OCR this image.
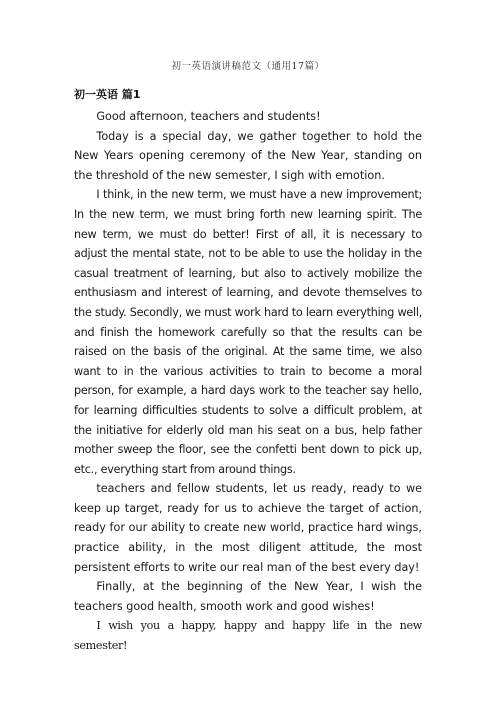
初一英语演讲稿范文（通用17篇）
初一英语 篇1

Good afternoon, teachers and students!

Today is a special day, we gather together to hold the New Years opening ceremony of the New Year, standing on the threshold of the new semester, I sigh with emotion.

I think, in the new term, we must have a new improvement; In the new term, we must bring forth new learning spirit. The new term, we must do better! First of all, it is necessary to adjust the mental state, not to be able to use the holiday in the casual treatment of learning, but also to actively mobilize the enthusiasm and interest of learning, and devote themselves to the study. Secondly, we must work hard to learn everything well, and finish the homework carefully so that the results can be raised on the basis of the original. At the same time, we also want to in the various activities to train to become a moral person, for example, a hard days work to the teacher say hello, for learning difficulties students to solve a difficult problem, at the initiative for elderly old man his seat on a bus, help father mother sweep the floor, see the confetti bent down to pick up, etc., everything start from around things.

teachers and fellow students, let us ready, ready to we keep up target, ready for us to achieve the target of action, ready for our ability to create new world, practice hard wings, practice ability, in the most diligent attitude, the most persistent efforts to write our real man of the best every day!

Finally, at the beginning of the New Year, I wish the teachers good health, smooth work and good wishes!

I wish you a happy, happy and happy life in the new semester!
